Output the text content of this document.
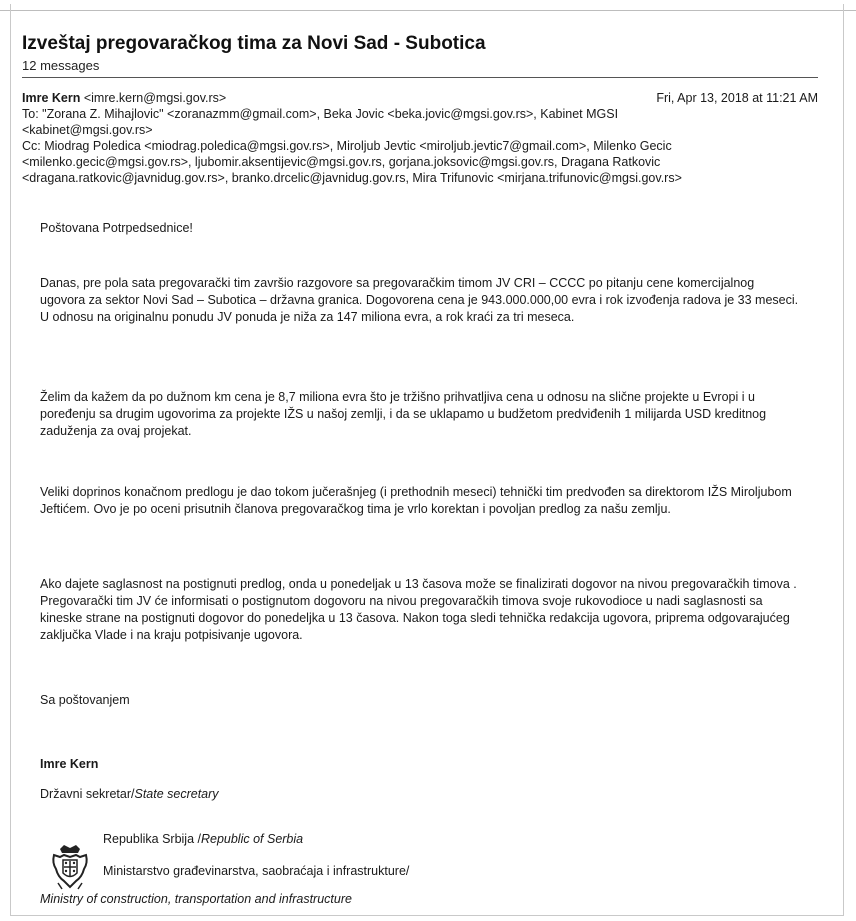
Izveštaj pregovaračkog tima za Novi Sad - Subotica
12 messages
Imre Kern <imre.kern@mgsi.gov.rs>	Fri, Apr 13, 2018 at 11:21 AM
To: "Zorana Z. Mihajlovic" <zoranazmm@gmail.com>, Beka Jovic <beka.jovic@mgsi.gov.rs>, Kabinet MGSI
<kabinet@mgsi.gov.rs>
Cc: Miodrag Poledica <miodrag.poledica@mgsi.gov.rs>, Miroljub Jevtic <miroljub.jevtic7@gmail.com>, Milenko Gecic
<milenko.gecic@mgsi.gov.rs>, ljubomir.aksentijevic@mgsi.gov.rs, gorjana.joksovic@mgsi.gov.rs, Dragana Ratkovic
<dragana.ratkovic@javnidug.gov.rs>, branko.drcelic@javnidug.gov.rs, Mira Trifunovic <mirjana.trifunovic@mgsi.gov.rs>

Poštovana Potrpedsednice!

Danas, pre pola sata pregovarački tim završio razgovore sa pregovaračkim timom JV CRI – CCCC po pitanju cene komercijalnog ugovora za sektor Novi Sad – Subotica – državna granica. Dogovorena cena je 943.000.000,00 evra i rok izvođenja radova je 33 meseci. U odnosu na originalnu ponudu JV ponuda je niža za 147 miliona evra, a rok kraći za tri meseca.

Želim da kažem da po dužnom km cena je 8,7 miliona evra što je tržišno prihvatljiva cena u odnosu na slične projekte u Evropi i u poređenju sa drugim ugovorima za projekte IŽS u našoj zemlji, i da se uklapamo u budžetom predviđenih 1 milijarda USD kreditnog zaduženja za ovaj projekat.

Veliki doprinos konačnom predlogu je dao tokom jučerašnjeg (i prethodnih meseci) tehnički tim predvođen sa direktorom IŽS Miroljubom Jeftićem. Ovo je po oceni prisutnih članova pregovaračkog tima je vrlo korektan i povoljan predlog za našu zemlju.

Ako dajete saglasnost na postignuti predlog, onda u ponedeljak u 13 časova može se finalizirati dogovor na nivou pregovaračkih timova . Pregovarački tim JV će informisati o postignutom dogovoru na nivou pregovaračkih timova svoje rukovodioce u nadi saglasnosti sa kineske strane na postignuti dogovor do ponedeljka u 13 časova. Nakon toga sledi tehnička redakcija ugovora, priprema odgovarajućeg zaključka Vlade i na kraju potpisivanje ugovora.

Sa poštovanjem

Imre Kern
Državni sekretar/State secretary
Republika Srbija /Republic of Serbia
Ministarstvo građevinarstva, saobraćaja i infrastrukture/
Ministry of construction, transportation and infrastructure
